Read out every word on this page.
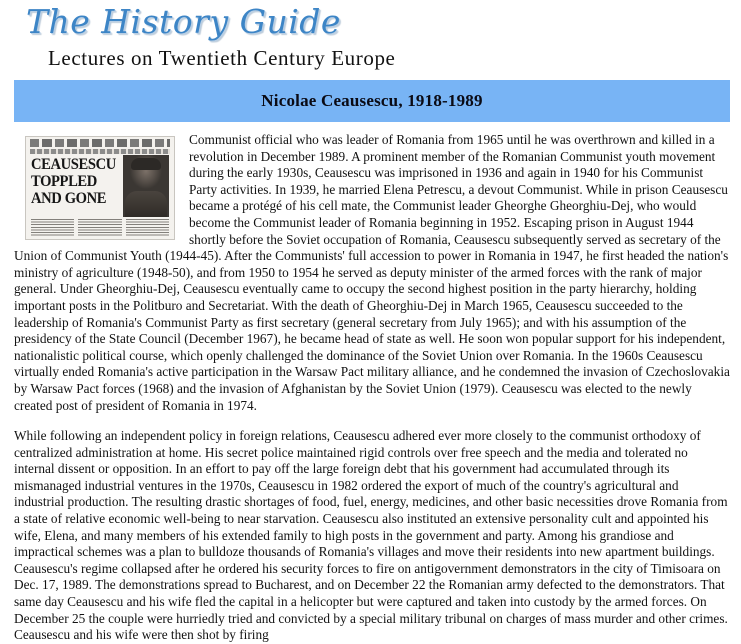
The History Guide
Lectures on Twentieth Century Europe
Nicolae Ceausescu, 1918-1989
CEAUSESCU TOPPLED AND GONE

Communist official who was leader of Romania from 1965 until he was overthrown and killed in a revolution in December 1989. A prominent member of the Romanian Communist youth movement during the early 1930s, Ceausescu was imprisoned in 1936 and again in 1940 for his Communist Party activities. In 1939, he married Elena Petrescu, a devout Communist. While in prison Ceausescu became a protégé of his cell mate, the Communist leader Gheorghe Gheorghiu-Dej, who would become the Communist leader of Romania beginning in 1952. Escaping prison in August 1944 shortly before the Soviet occupation of Romania, Ceausescu subsequently served as secretary of the Union of Communist Youth (1944-45). After the Communists' full accession to power in Romania in 1947, he first headed the nation's ministry of agriculture (1948-50), and from 1950 to 1954 he served as deputy minister of the armed forces with the rank of major general. Under Gheorghiu-Dej, Ceausescu eventually came to occupy the second highest position in the party hierarchy, holding important posts in the Politburo and Secretariat. With the death of Gheorghiu-Dej in March 1965, Ceausescu succeeded to the leadership of Romania's Communist Party as first secretary (general secretary from July 1965); and with his assumption of the presidency of the State Council (December 1967), he became head of state as well. He soon won popular support for his independent, nationalistic political course, which openly challenged the dominance of the Soviet Union over Romania. In the 1960s Ceausescu virtually ended Romania's active participation in the Warsaw Pact military alliance, and he condemned the invasion of Czechoslovakia by Warsaw Pact forces (1968) and the invasion of Afghanistan by the Soviet Union (1979). Ceausescu was elected to the newly created post of president of Romania in 1974.

While following an independent policy in foreign relations, Ceausescu adhered ever more closely to the communist orthodoxy of centralized administration at home. His secret police maintained rigid controls over free speech and the media and tolerated no internal dissent or opposition. In an effort to pay off the large foreign debt that his government had accumulated through its mismanaged industrial ventures in the 1970s, Ceausescu in 1982 ordered the export of much of the country's agricultural and industrial production. The resulting drastic shortages of food, fuel, energy, medicines, and other basic necessities drove Romania from a state of relative economic well-being to near starvation. Ceausescu also instituted an extensive personality cult and appointed his wife, Elena, and many members of his extended family to high posts in the government and party. Among his grandiose and impractical schemes was a plan to bulldoze thousands of Romania's villages and move their residents into new apartment buildings. Ceausescu's regime collapsed after he ordered his security forces to fire on antigovernment demonstrators in the city of Timisoara on Dec. 17, 1989. The demonstrations spread to Bucharest, and on December 22 the Romanian army defected to the demonstrators. That same day Ceausescu and his wife fled the capital in a helicopter but were captured and taken into custody by the armed forces. On December 25 the couple were hurriedly tried and convicted by a special military tribunal on charges of mass murder and other crimes. Ceausescu and his wife were then shot by firing
